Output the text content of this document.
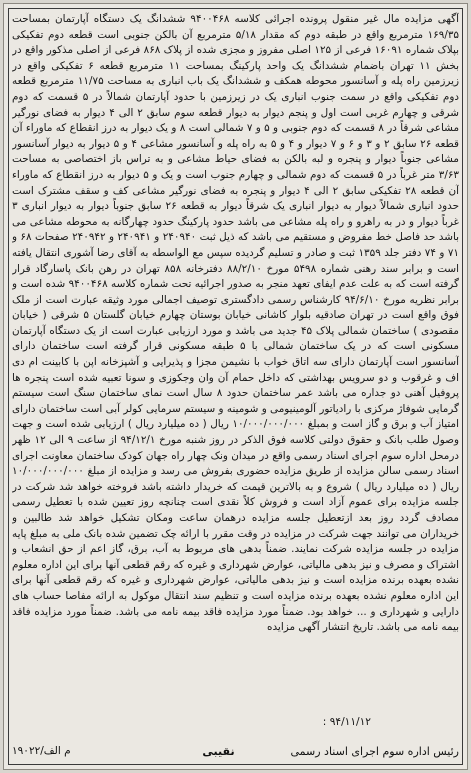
آگهی مزایده مال غیر منقول پرونده اجرائی کلاسه ۹۴۰۰۴۶۸ ششدانگ یک دستگاه آپارتمان بمساحت ۱۶۹/۳۵ مترمربع واقع در طبقه دوم که مقدار ۵/۱۸ مترمربع آن بالکن جنوبی است قطعه دوم تفکیکی بپلاک شماره ۱۶۰۹۱ فرعی از ۱۲۵ اصلی مفروز و مجزی شده از پلاک ۸۶۸ فرعی از اصلی مذکور واقع در بخش ۱۱ تهران باضمام ششدانگ یک واحد پارکینگ بمساحت ۱۱ مترمربع قطعه ۶ تفکیکی واقع در زیرزمین راه پله و آسانسور محوطه همکف و ششدانگ یک باب انباری به مساحت ۱۱/۷۵ مترمربع قطعه دوم تفکیکی واقع در سمت جنوب انباری یک در زیرزمین با حدود آپارتمان شمالاً در ۵ قسمت که دوم شرقی و چهارم غربی است اول و پنجم دیوار به دیوار قطعه سوم سابق ۲ الی ۴ دیوار به فضای نورگیر مشاعی شرقاً در ۸ قسمت که دوم جنوبی و ۵ و ۷ شمالی است ۸ و یک دیوار به درز انقطاع که ماوراء آن قطعه ۲۶ سابق ۲ و ۳ و ۶ و ۷ دیوار و ۴ و ۵ به راه پله و آسانسور مشاعی ۴ و ۵ دیوار به دیوار آسانسور مشاعی جنوباً دیوار و پنجره و لبه بالکن به فضای حیاط مشاعی و به تراس باز اختصاصی به مساحت ۳/۶۳ متر غرباً در ۵ قسمت که دوم شمالی و چهارم جنوب است و یک و ۵ دیوار به درز انقطاع که ماوراء آن قطعه ۲۸ تفکیکی سابق ۲ الی ۴ دیوار و پنجره به فضای نورگیر مشاعی کف و سقف مشترک است حدود انباری شمالاً دیوار به دیوار انباری یک شرقاً دیوار به قطعه ۲۶ سابق جنوباً دیوار به دیوار انباری ۳ غرباً دیوار و در به راهرو و راه پله مشاعی می باشد حدود پارکینگ حدود چهارگانه به محوطه مشاعی می باشد حد فاصل خط مفروض و مستقیم می باشد که ذیل ثبت ۲۴۰۹۴۰ و ۲۴۰۹۴۱ و ۲۴۰۹۴۲ صفحات ۶۸ و ۷۱ و ۷۴ دفتر جلد ۱۳۵۹ ثبت و صادر و تسلیم گردیده سپس مع الواسطه به آقای رضا آشوری انتقال یافته است و برابر سند رهنی شماره ۵۴۹۸ مورخ ۸۸/۲/۱۰ دفترخانه ۸۵۸ تهران در رهن بانک پاسارگاد قرار گرفته است که به علت عدم ایفای تعهد منجر به صدور اجرائیه تحت شماره کلاسه ۹۴۰۰۴۶۸ شده است و برابر نظریه مورخ ۹۴/۶/۱۰ کارشناس رسمی دادگستری توصیف اجمالی مورد وثیقه عبارت است از ملک فوق واقع است در تهران صادقیه بلوار کاشانی خیابان بوستان چهارم خیابان گلستان ۵ شرقی ( خیابان مقصودی ) ساختمان شمالی پلاک ۴۵ جدید می باشد و مورد ارزیابی عبارت است از یک دستگاه آپارتمان مسکونی است که در یک ساختمان شمالی با ۵ طبقه مسکونی قرار گرفته است ساختمان دارای آسانسور است آپارتمان دارای سه اتاق خواب با نشیمن مجزا و پذیرایی و آشپزخانه اپن با کابینت ام دی اف و غرقوب و دو سرویس بهداشتی که داخل حمام آن وان وجکوزی و سونا تعبیه شده است پنجره ها پروفیل آهنی دو جداره می باشد عمر ساختمان حدود ۸ سال است نمای ساختمان سنگ است سیستم گرمایی شوفاژ مرکزی با رادیاتور آلومینیومی و شومینه و سیستم سرمایی کولر آبی است ساختمان دارای امتیاز آب و برق و گاز است و بمبلغ ۱۰/۰۰۰/۰۰۰/۰۰۰ ریال ( ده میلیارد ریال ) ارزیابی شده است و جهت وصول طلب بانک و حقوق دولتی کلاسه فوق الذکر در روز شنبه مورخ ۹۴/۱۲/۱ از ساعت ۹ الی ۱۲ ظهر درمحل اداره سوم اجرای اسناد رسمی واقع در میدان ونک چهار راه جهان کودک ساختمان معاونت اجرای اسناد رسمی سالن مزایده از طریق مزایده حضوری بفروش می رسد و مزایده از مبلغ ۱۰/۰۰۰/۰۰۰/۰۰۰ ریال ( ده میلیارد ریال ) شروع و به بالاترین قیمت که خریدار داشته باشد فروخته خواهد شد شرکت در جلسه مزایده برای عموم آزاد است و فروش کلاً نقدی است چنانچه روز تعیین شده با تعطیل رسمی مصادف گردد روز بعد ازتعطیل جلسه مزایده درهمان ساعت ومکان تشکیل خواهد شد طالبین و خریداران می توانند جهت شرکت در مزایده در وقت مقرر با ارائه چک تضمین شده بانک ملی به مبلغ پایه مزایده در جلسه مزایده شرکت نمایند. ضمناً بدهی های مربوط به آب، برق، گاز اعم از حق انشعاب و اشتراک و مصرف و نیز بدهی مالیاتی، عوارض شهرداری و غیره که رقم قطعی آنها برای این اداره معلوم نشده بعهده برنده مزایده است و نیز بدهی مالیاتی، عوارض شهرداری و غیره که رقم قطعی آنها برای این اداره معلوم نشده بعهده برنده مزایده است و تنظیم سند انتقال موکول به ارائه مفاصا حساب های دارایی و شهرداری و ... خواهد بود. ضمناً مورد مزایده فاقد بیمه نامه می باشد. ضمناً مورد مزایده فاقد بیمه نامه می باشد. تاریخ انتشار آگهی مزایده

۹۴/۱۱/۱۲ :
رئیس اداره سوم اجرای اسناد رسمی
نقیبی
م الف/۱۹۰۲۲
